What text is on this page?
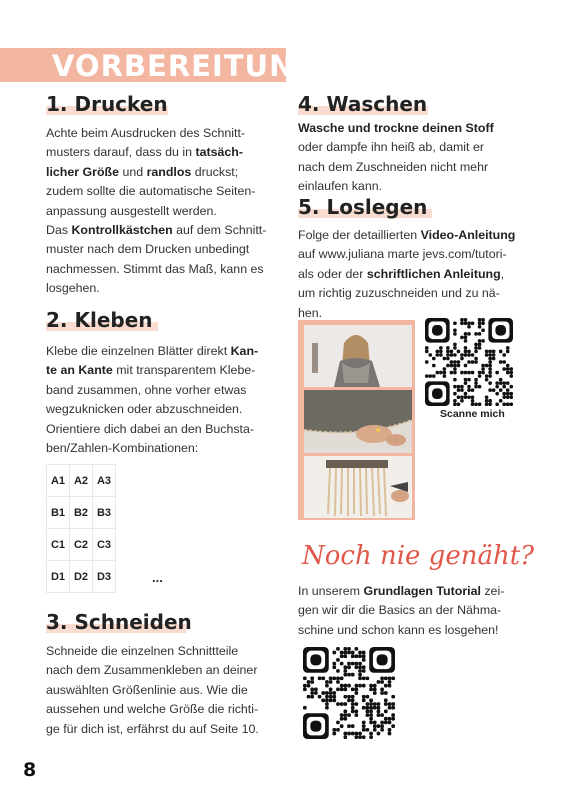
VORBEREITUNG
1. Drucken
Achte beim Ausdrucken des Schnitt-
musters darauf, dass du in tatsäch-
licher Größe und randlos druckst;
zudem sollte die automatische Seiten-
anpassung ausgestellt werden.
Das Kontrollkästchen auf dem Schnitt-
muster nach dem Drucken unbedingt
nachmessen. Stimmt das Maß, kann es
losgehen.
2. Kleben
Klebe die einzelnen Blätter direkt Kan-
te an Kante mit transparentem Klebe-
band zusammen, ohne vorher etwas
wegzuknicken oder abzuschneiden.
Orientiere dich dabei an den Buchsta-
ben/Zahlen-Kombinationen:
A1	A2	A3
B1	B2	B3
C1	C2	C3
D1	D2	D3	...
3. Schneiden
Schneide die einzelnen Schnittteile
nach dem Zusammenkleben an deiner
auswählten Größenlinie aus. Wie die
aussehen und welche Größe die richti-
ge für dich ist, erfährst du auf Seite 10.
4. Waschen
Wasche und trockne deinen Stoff
oder dampfe ihn heiß ab, damit er
nach dem Zuschneiden nicht mehr
einlaufen kann.
5. Loslegen
Folge der detaillierten Video-Anleitung
auf www.juliana marte jevs.com/tutori-
als oder der schriftlichen Anleitung,
um richtig zuzuschneiden und zu nä-
hen.
Scanne mich
Noch nie genäht?
In unserem Grundlagen Tutorial zei-
gen wir dir die Basics an der Nähma-
schine und schon kann es losgehen!
8
